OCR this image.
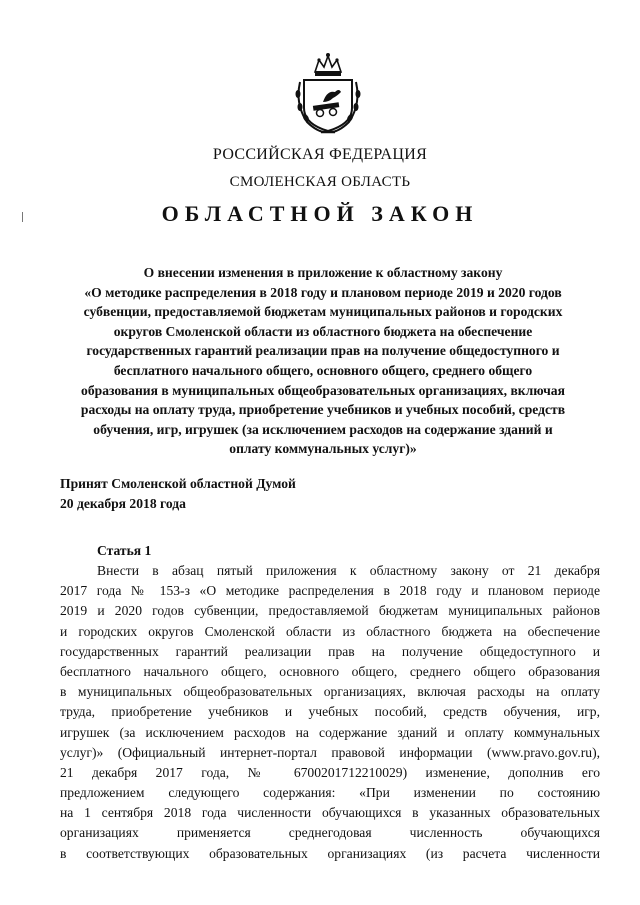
РОССИЙСКАЯ ФЕДЕРАЦИЯ
СМОЛЕНСКАЯ ОБЛАСТЬ
ОБЛАСТНОЙ ЗАКОН
О внесении изменения в приложение к областному закону
«О методике распределения в 2018 году и плановом периоде 2019 и 2020 годов
субвенции, предоставляемой бюджетам муниципальных районов и городских
округов Смоленской области из областного бюджета на обеспечение
государственных гарантий реализации прав на получение общедоступного и
бесплатного начального общего, основного общего, среднего общего
образования в муниципальных общеобразовательных организациях, включая
расходы на оплату труда, приобретение учебников и учебных пособий, средств
обучения, игр, игрушек (за исключением расходов на содержание зданий и
оплату коммунальных услуг)»
Принят Смоленской областной Думой
20 декабря 2018 года
Статья 1
Внести в абзац пятый приложения к областному закону от 21 декабря
2017 года № 153-з «О методике распределения в 2018 году и плановом периоде
2019 и 2020 годов субвенции, предоставляемой бюджетам муниципальных районов
и городских округов Смоленской области из областного бюджета на обеспечение
государственных гарантий реализации прав на получение общедоступного и
бесплатного начального общего, основного общего, среднего общего образования
в муниципальных общеобразовательных организациях, включая расходы на оплату
труда, приобретение учебников и учебных пособий, средств обучения, игр,
игрушек (за исключением расходов на содержание зданий и оплату коммунальных
услуг)» (Официальный интернет-портал правовой информации (www.pravo.gov.ru),
21 декабря 2017 года, № 6700201712210029) изменение, дополнив его
предложением следующего содержания: «При изменении по состоянию
на 1 сентября 2018 года численности обучающихся в указанных образовательных
организациях применяется среднегодовая численность обучающихся
в соответствующих образовательных организациях (из расчета численности
